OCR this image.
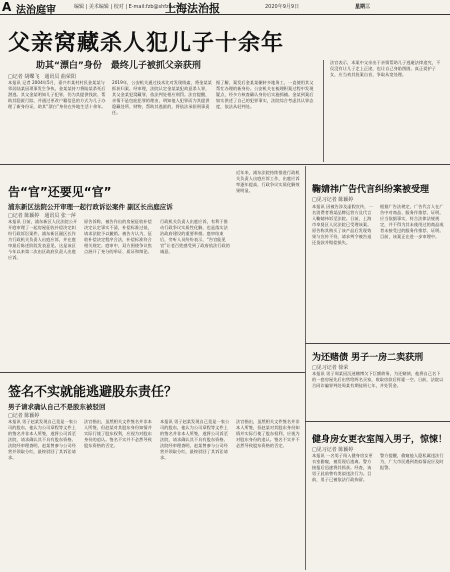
A 法治庭审	编辑 | 美术编辑 | 校对 | E-mail:fzb@shfzb.cn
上海法治报	2020年9月9日	星期三
父亲窝藏杀人犯儿子十余年
助其“漂白”身份　最终儿子被抓父亲获刑
□记者 胡蝶飞　通讯员 曲荣阳
本报讯 记者 2004年5月，嘉兴市某村村民金某某与邻居陆某因琐事发生争执，金某某持刀将陆某杀死后潜逃。其父金某明知儿子犯罪，仍为其提供钱款、帮助其隐匿行踪，并通过更改户籍信息的方式为儿子办理了新身份证，助其“漂白”身份在外地生活十余年。
2019年，公安机关通过技术比对发现线索，将金某某抓获归案。经审理，法院认定金某某犯故意杀人罪，其父金某犯窝藏罪，依法判处相应刑罚。法官提醒，亲情不是包庇犯罪的理由，明知他人犯罪而为其提供隐藏处所、财物，帮助其逃匿的，将依法承担刑事责任。
据了解，案发后金某某辗转多地务工，一直使用其父帮忙办理的新身份。公安机关在梳理积案过程中发现疑点，经多方核查确认身份后实施抓捕。金某到案后如实供述了自己的犯罪事实，法院综合考虑其认罪态度，依法从轻判处。
法官表示，本案中父亲出于亲情帮助儿子逃避法律追究，不仅没有让儿子走上正途，也让自己身陷囹圄。真正爱护子女，应当劝其投案自首，争取从宽处理。
告“官”还要见“官”
浦东新区法院公开审理一起行政诉讼案件 副区长出庭应诉
□记者 陈颖婷　通讯员 张一萍
本报讯 日前，浦东新区人民法院公开开庭审理了一起房屋征收补偿决定纠纷行政诉讼案件，浦东新区副区长作为行政机关负责人出庭应诉，并在庭审最后陈述阶段发表意见。这是该区今年以来第二次由区政府负责人出庭应诉。
原告诉称，被告作出的房屋征收补偿决定认定事实不清，补偿标准过低，请求法院予以撤销。被告方认为，征收补偿决定程序合法，补偿标准符合相关规定。庭审中，双方围绕争议焦点展开了充分的举证、质证和辩论。
行政机关负责人出庭应诉，有利于推动行政争议实质性化解，也是落实法治政府建设的重要举措。庭审结束后，旁听人员纷纷表示，“告官能见官”让老百姓感受到了政府依法行政的诚意。
近年来，浦东法院持续推进行政机关负责人出庭应诉工作，出庭应诉率逐年提高，行政争议实质化解效果明显。	鞠婧祎广告代言纠纷案被受理
□见习记者 陈颖婷
本报讯 因被告涉及虚假宣传，一名消费者将某品牌运营方及代言人鞠婧祎诉至法院。日前，上海市奉贤区人民法院已受理该案。原告称其购买了该产品后发现效果与宣传不符，请求判令被告退还货款并赔偿损失。
根据广告法规定，广告代言人在广告中对商品、服务作推荐、证明，应当依据事实，符合法律法规规定，并不得为其未使用过的商品或者未接受过的服务作推荐、证明。目前，该案正在进一步审理中。
为还赌债 男子一房二卖获刑
□见习记者 徐荣
本报讯 男子周某因沉迷赌博欠下巨额债务，为还赌债，他将自己名下的一套房屋先后出售给两名买家，收取房款后挥霍一空。日前，法院以合同诈骗罪判处周某有期徒刑七年，并处罚金。
健身房女更衣室闯入男子，惊悚！
□见习记者 陈颖婷
本报讯 一名男子闯入健身房女更衣室偷窥，被发现后逃离。警方接报后迅速将其抓获。经查，该男子此前曾有类似违法行为。目前，男子已被依法行政拘留。
警方提醒，偷窥他人隐私属违法行为，广大市民遇到类似情况应及时报警。
签名不实就能逃避股东责任？
男子请求确认自己不是股东被驳回
□记者 陈颖婷
本报讯 男子赵某发现自己竟是一家公司的股东，他认为公司章程等文件上的签名并非本人所签，遂将公司诉至法院，请求确认其不具有股东资格。法院经审理查明，赵某曾参与公司经营并领取分红，最终驳回了其诉讼请求。
法官指出，虽然相关文件签名并非本人所签，但赵某对其股东身份知情并实际行使了股东权利，应视为对股东身份的追认。签名不实并不必然导致股东资格的否定。
本报讯 男子赵某发现自己竟是一家公司的股东，他认为公司章程等文件上的签名并非本人所签，遂将公司诉至法院，请求确认其不具有股东资格。法院经审理查明，赵某曾参与公司经营并领取分红，最终驳回了其诉讼请求。
法官指出，虽然相关文件签名并非本人所签，但赵某对其股东身份知情并实际行使了股东权利，应视为对股东身份的追认。签名不实并不必然导致股东资格的否定。
